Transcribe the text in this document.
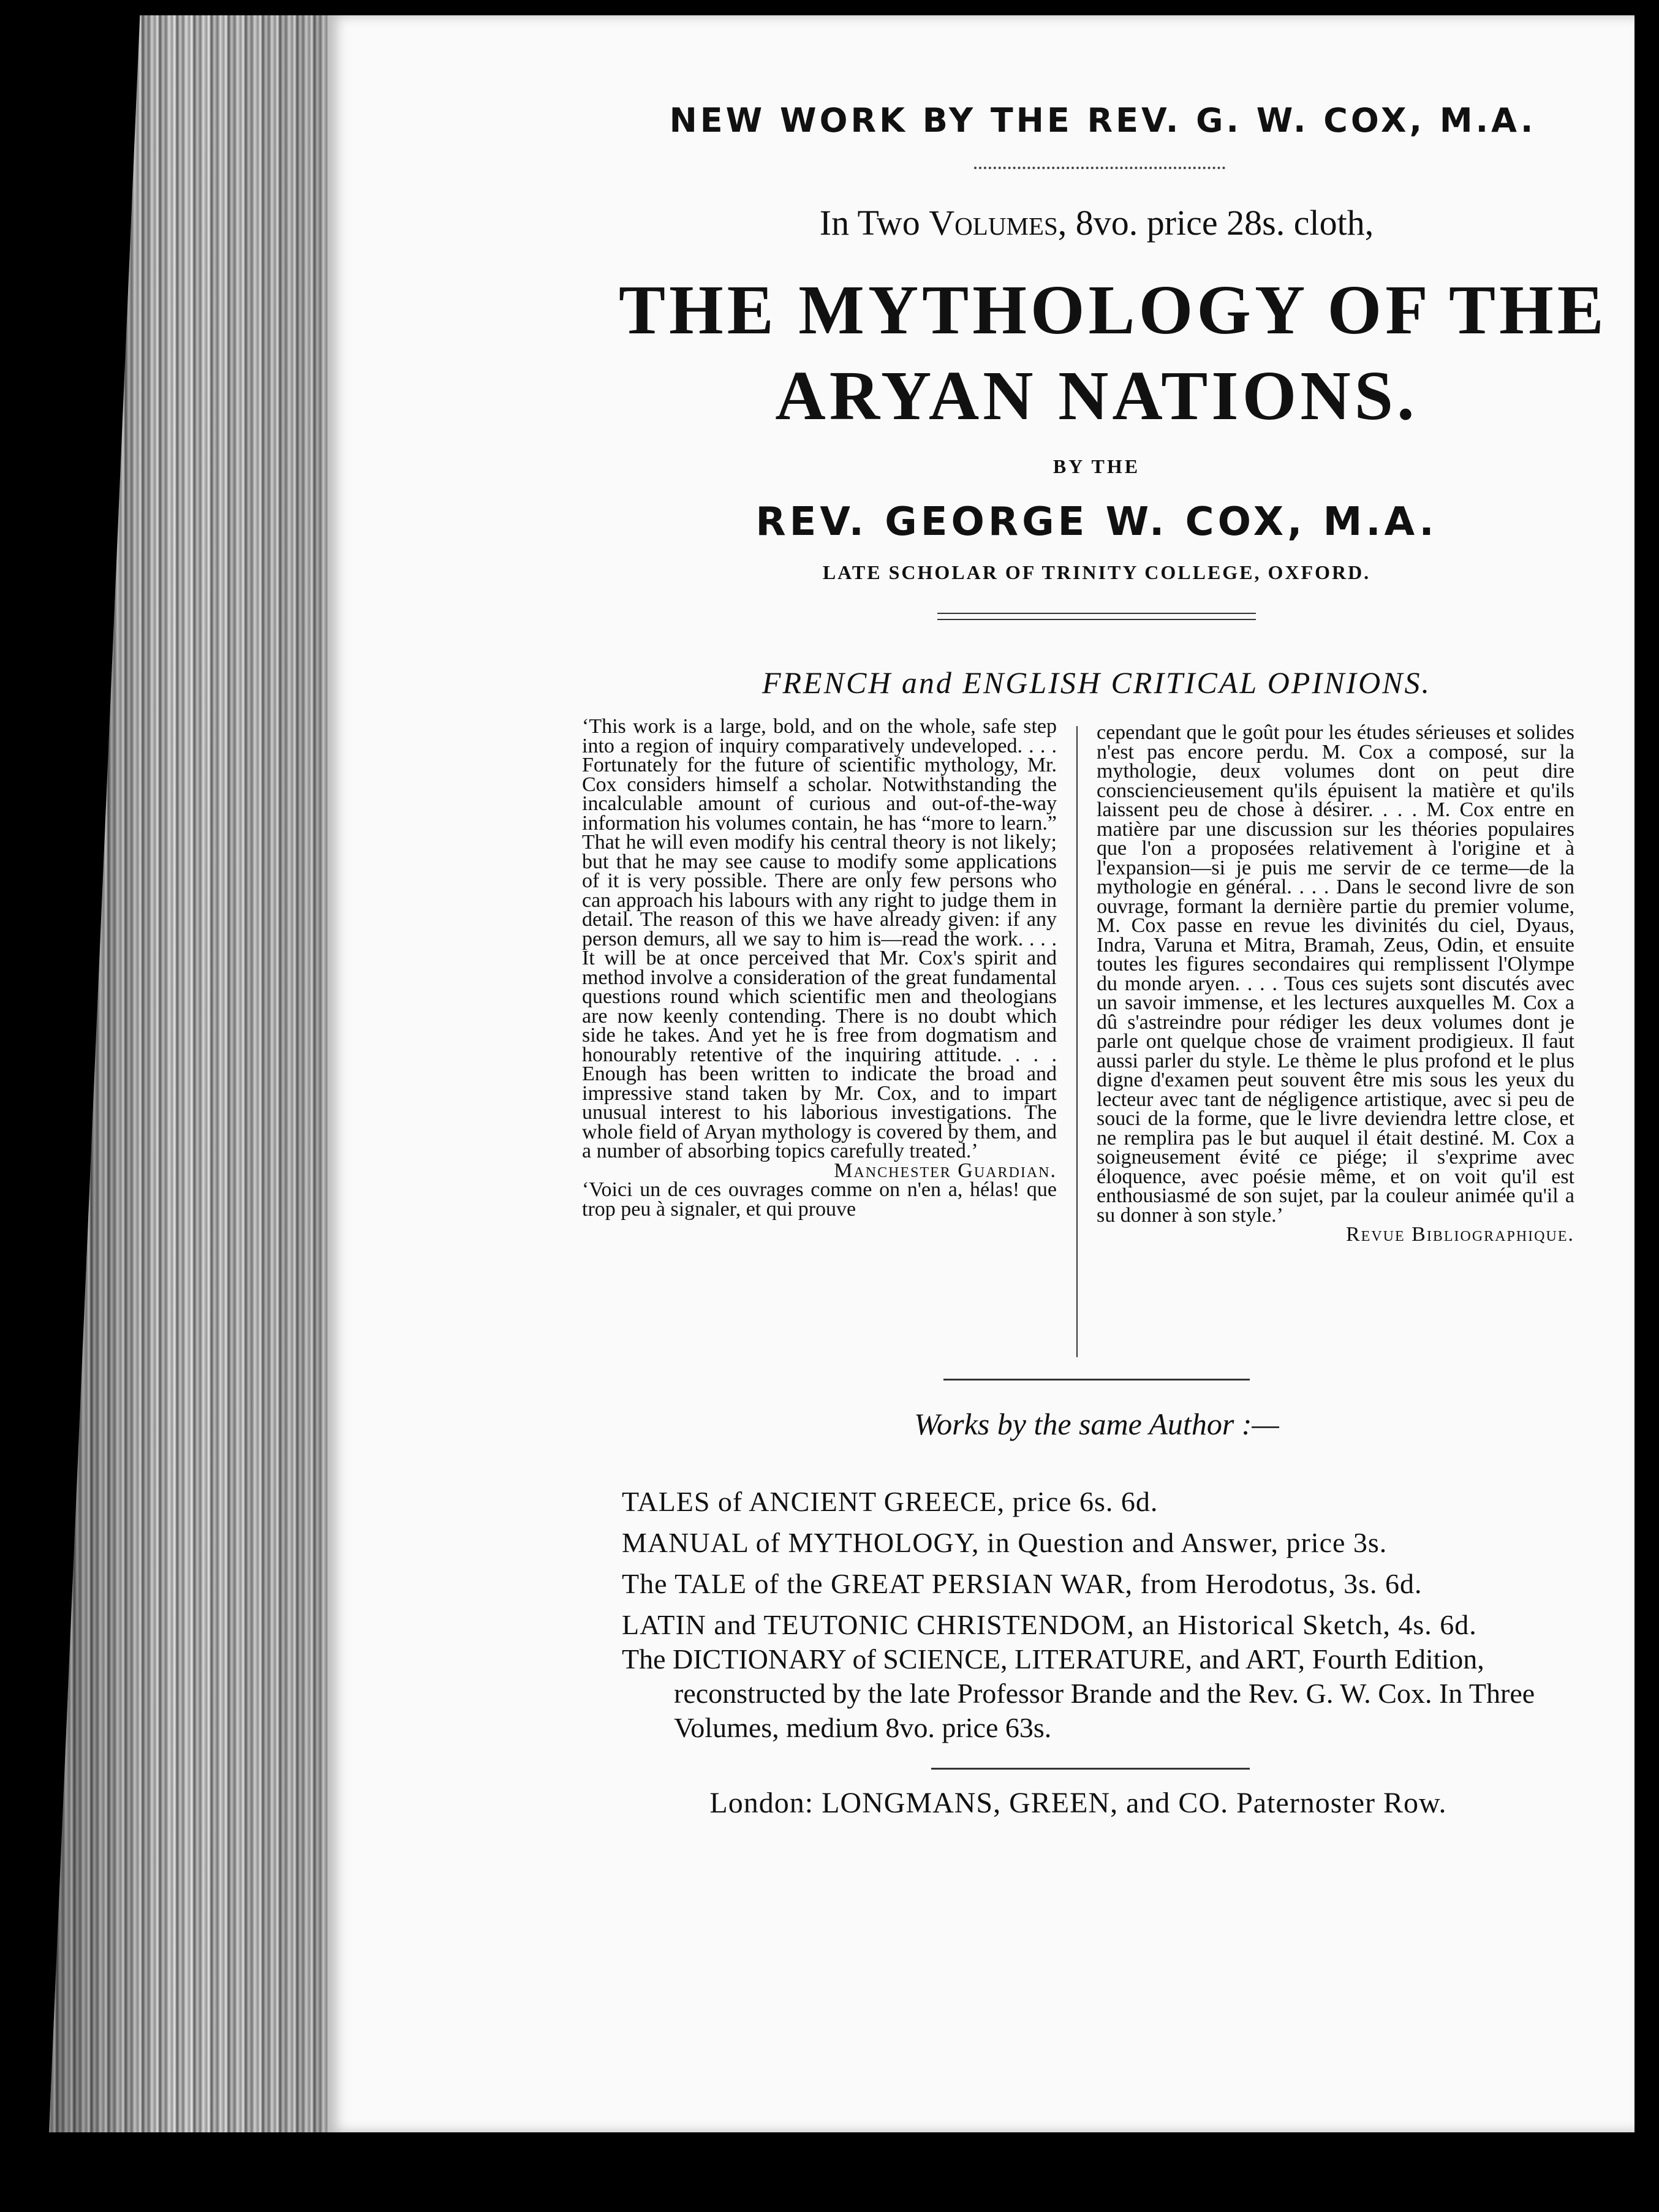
NEW WORK BY THE REV. G. W. COX, M.A.

In Two Volumes, 8vo. price 28s. cloth,

THE MYTHOLOGY OF THE

ARYAN NATIONS.

BY THE

REV. GEORGE W. COX, M.A.

LATE SCHOLAR OF TRINITY COLLEGE, OXFORD.

FRENCH and ENGLISH CRITICAL OPINIONS.

‘This work is a large, bold, and on the whole, safe step into a region of inquiry comparatively undeveloped. . . . Fortunately for the future of scientific mythology, Mr. Cox considers himself a scholar. Notwithstanding the incalculable amount of curious and out-of-the-way information his volumes contain, he has “more to learn.” That he will even modify his central theory is not likely; but that he may see cause to modify some applications of it is very possible. There are only few persons who can approach his labours with any right to judge them in detail. The reason of this we have already given: if any person demurs, all we say to him is—read the work. . . . It will be at once perceived that Mr. Cox's spirit and method involve a consideration of the great fundamental questions round which scientific men and theologians are now keenly contending. There is no doubt which side he takes. And yet he is free from dogmatism and honourably retentive of the inquiring attitude. . . . Enough has been written to indicate the broad and impressive stand taken by Mr. Cox, and to impart unusual interest to his laborious investigations. The whole field of Aryan mythology is covered by them, and a number of absorbing topics carefully treated.’
Manchester Guardian.
‘Voici un de ces ouvrages comme on n'en a, hélas! que trop peu à signaler, et qui prouve
cependant que le goût pour les études sérieuses et solides n'est pas encore perdu. M. Cox a composé, sur la mythologie, deux volumes dont on peut dire consciencieusement qu'ils épuisent la matière et qu'ils laissent peu de chose à désirer. . . . M. Cox entre en matière par une discussion sur les théories populaires que l'on a proposées relativement à l'origine et à l'expansion—si je puis me servir de ce terme—de la mythologie en général. . . . Dans le second livre de son ouvrage, formant la dernière partie du premier volume, M. Cox passe en revue les divinités du ciel, Dyaus, Indra, Varuna et Mitra, Bramah, Zeus, Odin, et ensuite toutes les figures secondaires qui remplissent l'Olympe du monde aryen. . . . Tous ces sujets sont discutés avec un savoir immense, et les lectures auxquelles M. Cox a dû s'astreindre pour rédiger les deux volumes dont je parle ont quelque chose de vraiment prodigieux. Il faut aussi parler du style. Le thème le plus profond et le plus digne d'examen peut souvent être mis sous les yeux du lecteur avec tant de négligence artistique, avec si peu de souci de la forme, que le livre deviendra lettre close, et ne remplira pas le but auquel il était destiné. M. Cox a soigneusement évité ce piége; il s'exprime avec éloquence, avec poésie même, et on voit qu'il est enthousiasmé de son sujet, par la couleur animée qu'il a su donner à son style.’
Revue Bibliographique.

Works by the same Author :—

TALES of ANCIENT GREECE, price 6s. 6d.

MANUAL of MYTHOLOGY, in Question and Answer, price 3s.

The TALE of the GREAT PERSIAN WAR, from Herodotus, 3s. 6d.

LATIN and TEUTONIC CHRISTENDOM, an Historical Sketch, 4s. 6d.

The DICTIONARY of SCIENCE, LITERATURE, and ART, Fourth Edition,
reconstructed by the late Professor Brande and the Rev. G. W. Cox. In Three Volumes, medium 8vo. price 63s.

London: LONGMANS, GREEN, and CO. Paternoster Row.
